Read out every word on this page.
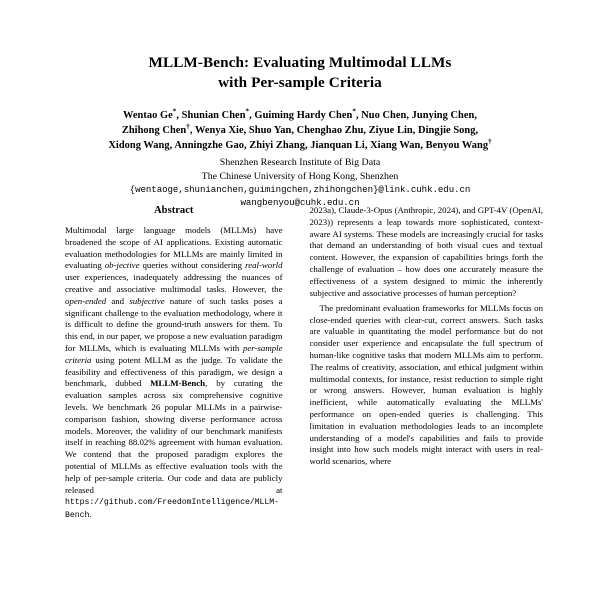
MLLM-Bench: Evaluating Multimodal LLMs
with Per-sample Criteria
Wentao Ge*, Shunian Chen*, Guiming Hardy Chen*, Nuo Chen, Junying Chen,
Zhihong Chen†, Wenya Xie, Shuo Yan, Chenghao Zhu, Ziyue Lin, Dingjie Song,
Xidong Wang, Anningzhe Gao, Zhiyi Zhang, Jianquan Li, Xiang Wan, Benyou Wang†
Shenzhen Research Institute of Big Data
The Chinese University of Hong Kong, Shenzhen
{wentaoge,shunianchen,guimingchen,zhihongchen}@link.cuhk.edu.cn
wangbenyou@cuhk.edu.cn
Abstract
Multimodal large language models (MLLMs) have broadened the scope of AI applications. Existing automatic evaluation methodologies for MLLMs are mainly limited in evaluating ob-jective queries without considering real-world user experiences, inadequately addressing the nuances of creative and associative multimodal tasks. However, the open-ended and subjective nature of such tasks poses a significant challenge to the evaluation methodology, where it is difficult to define the ground-truth answers for them. To this end, in our paper, we propose a new evaluation paradigm for MLLMs, which is evaluating MLLMs with per-sample criteria using potent MLLM as the judge. To validate the feasibility and effectiveness of this paradigm, we design a benchmark, dubbed MLLM-Bench, by curating the evaluation samples across six comprehensive cognitive levels. We benchmark 26 popular MLLMs in a pairwise-comparison fashion, showing diverse performance across models. Moreover, the validity of our benchmark manifests itself in reaching 88.02% agreement with human evaluation. We contend that the proposed paradigm explores the potential of MLLMs as effective evaluation tools with the help of per-sample criteria. Our code and data are publicly released at https://github.com/FreedomIntelligence/MLLM-Bench.

2023a), Claude-3-Opus (Anthropic, 2024), and GPT-4V (OpenAI, 2023)) represents a leap towards more sophisticated, context-aware AI systems. These models are increasingly crucial for tasks that demand an understanding of both visual cues and textual content. However, the expansion of capabilities brings forth the challenge of evaluation – how does one accurately measure the effectiveness of a system designed to mimic the inherently subjective and associative processes of human perception?

The predominant evaluation frameworks for MLLMs focus on close-ended queries with clear-cut, correct answers. Such tasks are valuable in quantitating the model performance but do not consider user experience and encapsulate the full spectrum of human-like cognitive tasks that modern MLLMs aim to perform. The realms of creativity, association, and ethical judgment within multimodal contexts, for instance, resist reduction to simple right or wrong answers. However, human evaluation is highly inefficient, while automatically evaluating the MLLMs' performance on open-ended queries is challenging. This limitation in evaluation methodologies leads to an incomplete understanding of a model's capabilities and fails to provide insight into how such models might interact with users in real-world scenarios, where
